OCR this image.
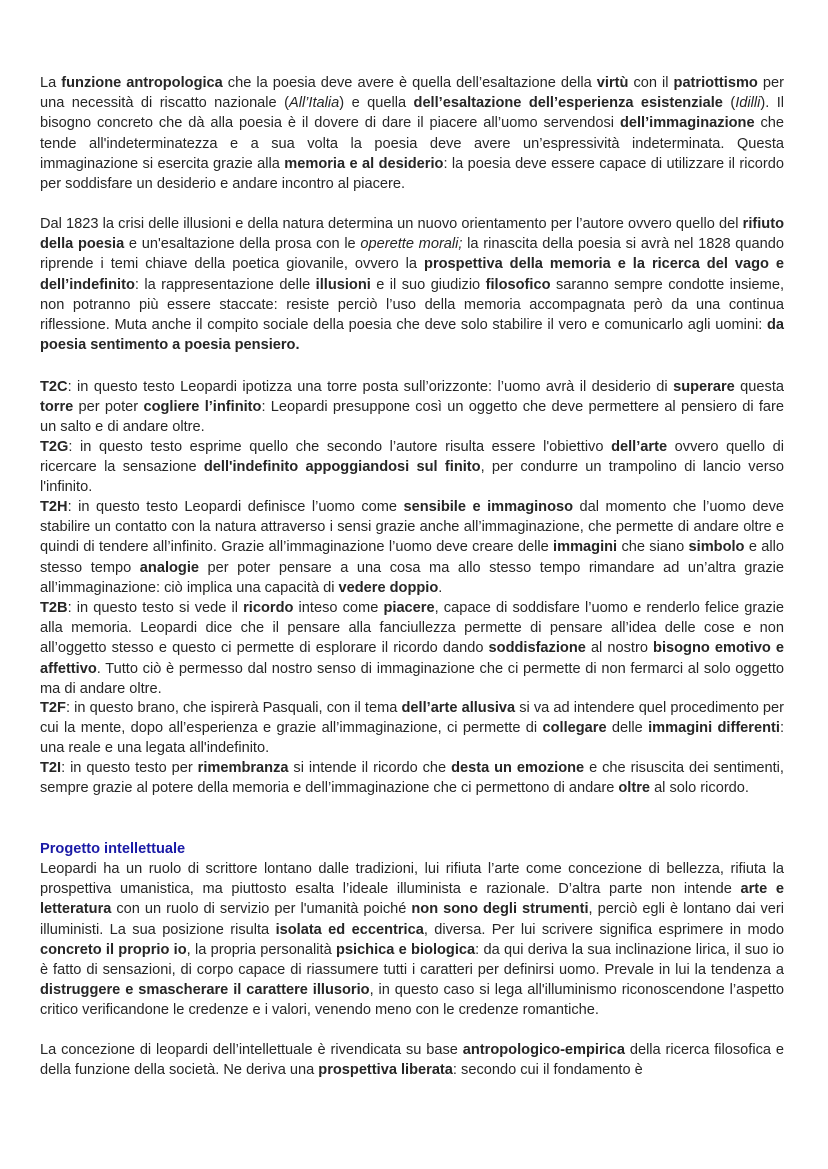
La funzione antropologica che la poesia deve avere è quella dell’esaltazione della virtù con il patriottismo per una necessità di riscatto nazionale (All’Italia) e quella dell’esaltazione dell’esperienza esistenziale (Idilli). Il bisogno concreto che dà alla poesia è il dovere di dare il piacere all’uomo servendosi dell’immaginazione che tende all'indeterminatezza e a sua volta la poesia deve avere un’espressività indeterminata. Questa immaginazione si esercita grazie alla memoria e al desiderio: la poesia deve essere capace di utilizzare il ricordo per soddisfare un desiderio e andare incontro al piacere.

Dal 1823 la crisi delle illusioni e della natura determina un nuovo orientamento per l’autore ovvero quello del rifiuto della poesia e un'esaltazione della prosa con le operette morali; la rinascita della poesia si avrà nel 1828 quando riprende i temi chiave della poetica giovanile, ovvero la prospettiva della memoria e la ricerca del vago e dell’indefinito: la rappresentazione delle illusioni e il suo giudizio filosofico saranno sempre condotte insieme, non potranno più essere staccate: resiste perciò l’uso della memoria accompagnata però da una continua riflessione. Muta anche il compito sociale della poesia che deve solo stabilire il vero e comunicarlo agli uomini: da poesia sentimento a poesia pensiero.

T2C: in questo testo Leopardi ipotizza una torre posta sull’orizzonte: l’uomo avrà il desiderio di superare questa torre per poter cogliere l’infinito: Leopardi presuppone così un oggetto che deve permettere al pensiero di fare un salto e di andare oltre.

T2G: in questo testo esprime quello che secondo l’autore risulta essere l'obiettivo dell’arte ovvero quello di ricercare la sensazione dell'indefinito appoggiandosi sul finito, per condurre un trampolino di lancio verso l'infinito.

T2H: in questo testo Leopardi definisce l’uomo come sensibile e immaginoso dal momento che l’uomo deve stabilire un contatto con la natura attraverso i sensi grazie anche all’immaginazione, che permette di andare oltre e quindi di tendere all’infinito. Grazie all’immaginazione l’uomo deve creare delle immagini che siano simbolo e allo stesso tempo analogie per poter pensare a una cosa ma allo stesso tempo rimandare ad un’altra grazie all’immaginazione: ciò implica una capacità di vedere doppio.

T2B: in questo testo si vede il ricordo inteso come piacere, capace di soddisfare l’uomo e renderlo felice grazie alla memoria. Leopardi dice che il pensare alla fanciullezza permette di pensare all’idea delle cose e non all’oggetto stesso e questo ci permette di esplorare il ricordo dando soddisfazione al nostro bisogno emotivo e affettivo. Tutto ciò è permesso dal nostro senso di immaginazione che ci permette di non fermarci al solo oggetto ma di andare oltre.

T2F: in questo brano, che ispirerà Pasquali, con il tema dell’arte allusiva si va ad intendere quel procedimento per cui la mente, dopo all’esperienza e grazie all’immaginazione, ci permette di collegare delle immagini differenti: una reale e una legata all'indefinito.

T2I: in questo testo per rimembranza si intende il ricordo che desta un emozione e che risuscita dei sentimenti, sempre grazie al potere della memoria e dell’immaginazione che ci permettono di andare oltre al solo ricordo.

Progetto intellettuale

Leopardi ha un ruolo di scrittore lontano dalle tradizioni, lui rifiuta l’arte come concezione di bellezza, rifiuta la prospettiva umanistica, ma piuttosto esalta l’ideale illuminista e razionale. D’altra parte non intende arte e letteratura con un ruolo di servizio per l'umanità poiché non sono degli strumenti, perciò egli è lontano dai veri illuministi. La sua posizione risulta isolata ed eccentrica, diversa. Per lui scrivere significa esprimere in modo concreto il proprio io, la propria personalità psichica e biologica: da qui deriva la sua inclinazione lirica, il suo io è fatto di sensazioni, di corpo capace di riassumere tutti i caratteri per definirsi uomo. Prevale in lui la tendenza a distruggere e smascherare il carattere illusorio, in questo caso si lega all'illuminismo riconoscendone l’aspetto critico verificandone le credenze e i valori, venendo meno con le credenze romantiche.

La concezione di leopardi dell’intellettuale è rivendicata su base antropologico-empirica della ricerca filosofica e della funzione della società. Ne deriva una prospettiva liberata: secondo cui il fondamento è
